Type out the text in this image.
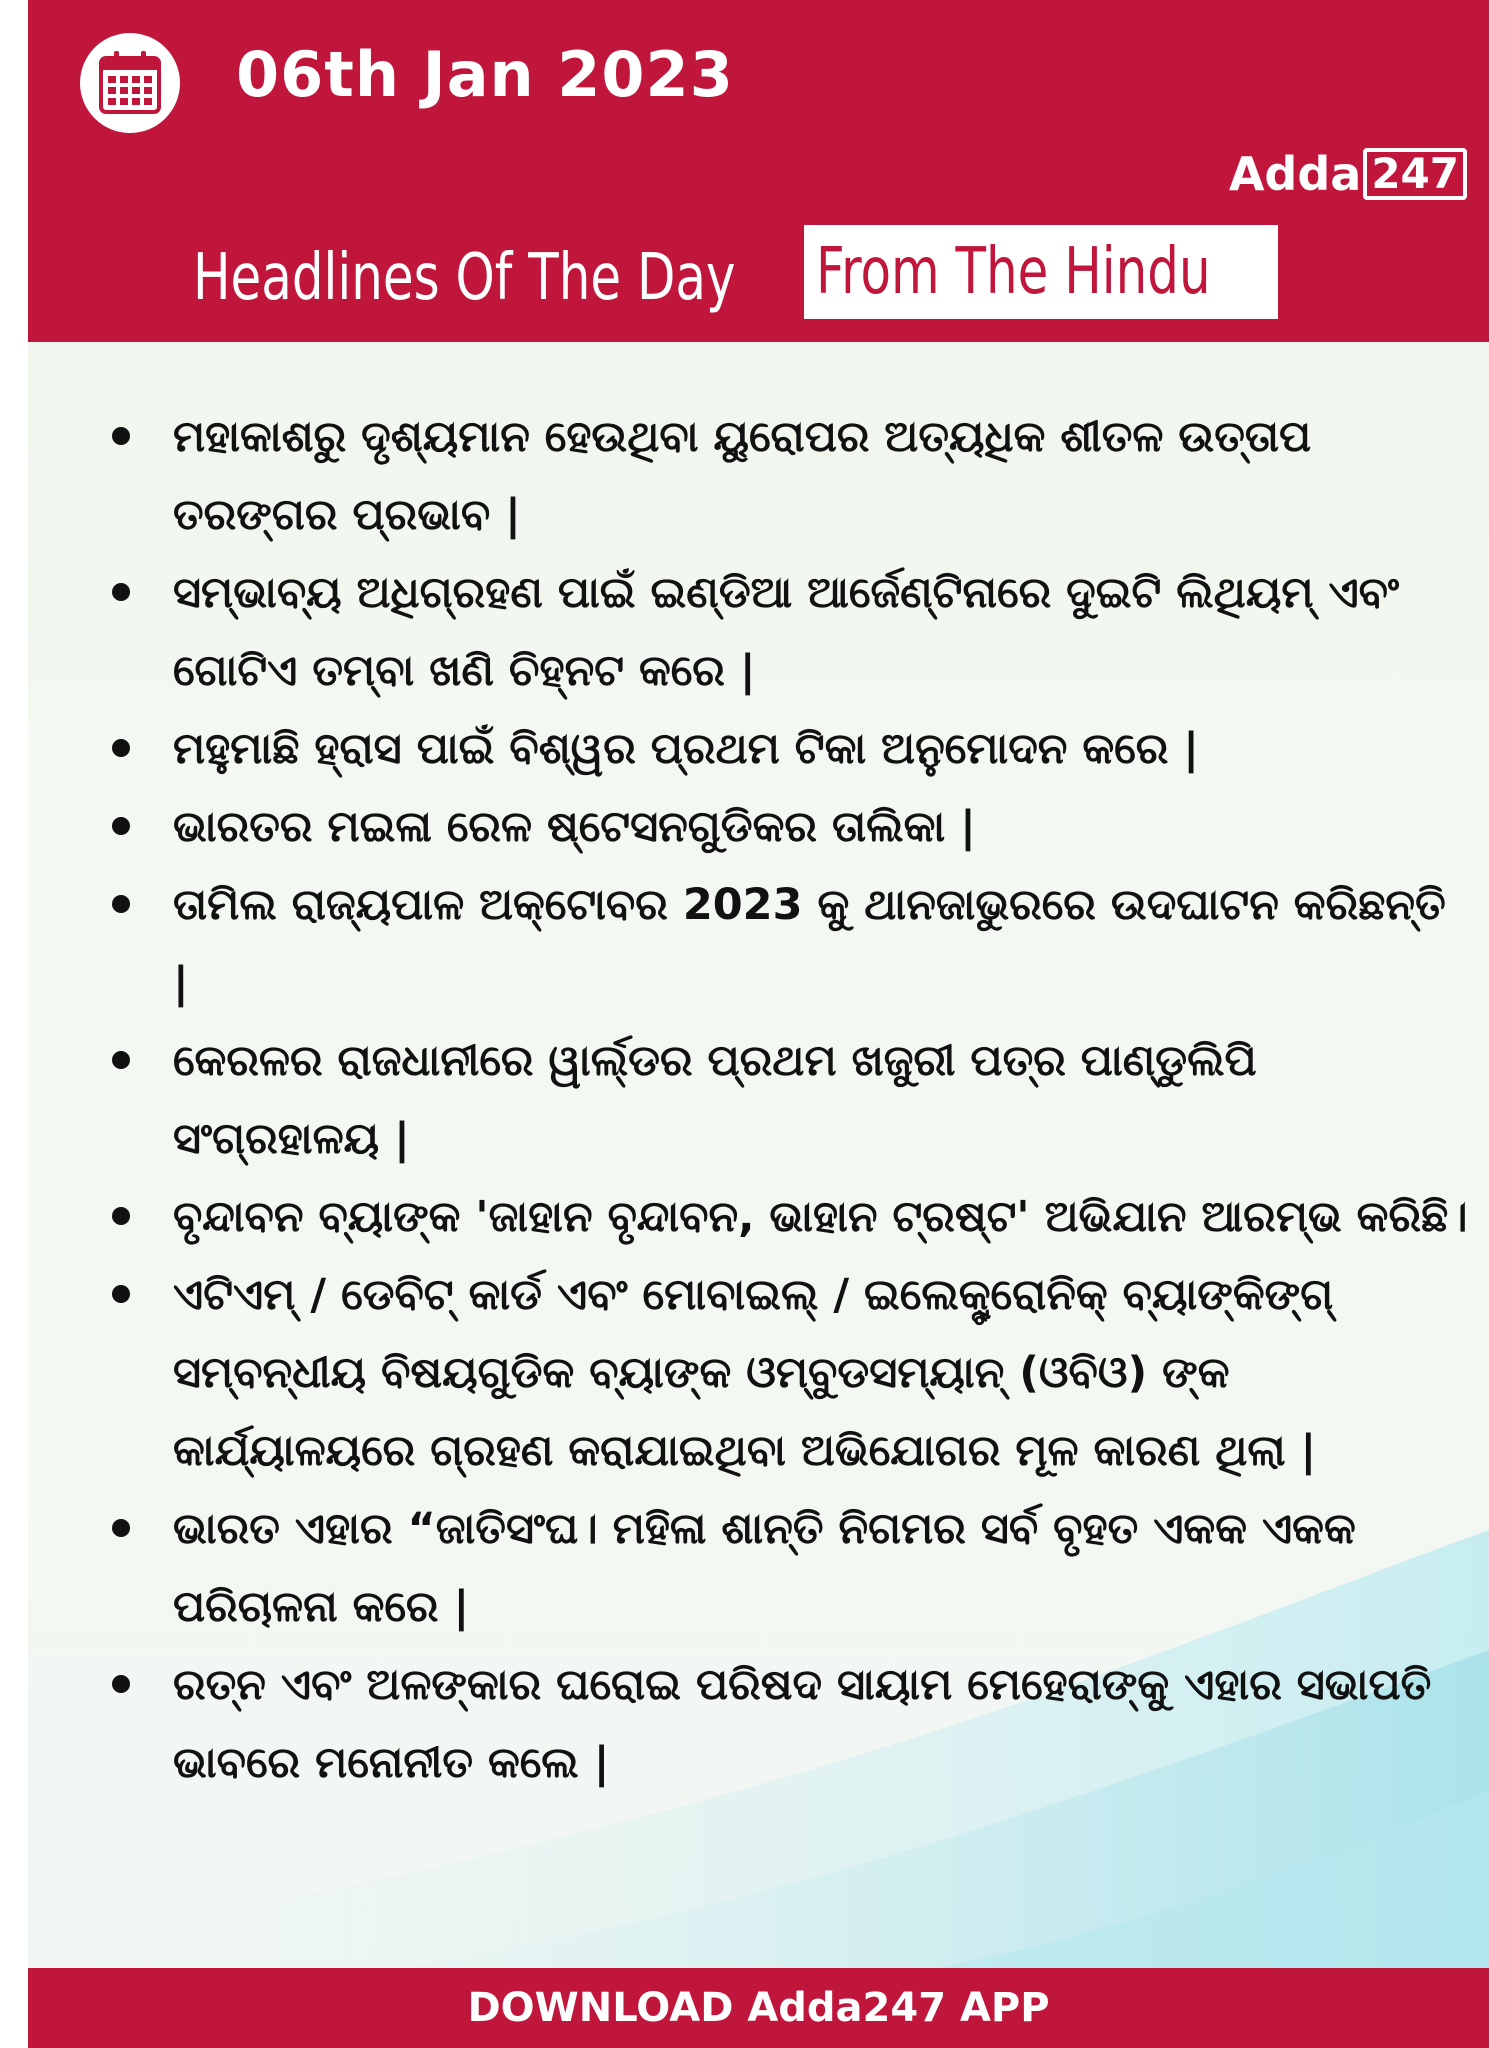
06th Jan 2023
Adda 247
Headlines Of The Day From The Hindu
ମହାକାଶରୁ ଦୃଶ୍ୟମାନ ହେଉଥିବା ୟୁରୋପର ଅତ୍ୟଧିକ ଶୀତଳ ଉତ୍ତାପ ତରଙ୍ଗର ପ୍ରଭାବ |
ସମ୍ଭାବ୍ୟ ଅଧିଗ୍ରହଣ ପାଇଁ ଇଣ୍ଡିଆ ଆର୍ଜେଣ୍ଟିନାରେ ଦୁଇଟି ଲିଥିୟମ୍ ଏବଂ ଗୋଟିଏ ତମ୍ବା ଖଣି ଚିହ୍ନଟ କରେ |
ମହୁମାଛି ହ୍ରାସ ପାଇଁ ବିଶ୍ୱର ପ୍ରଥମ ଟିକା ଅନୁମୋଦନ କରେ |
ଭାରତର ମଇଳା ରେଳ ଷ୍ଟେସନଗୁଡିକର ତାଲିକା |
ତାମିଲ ରାଜ୍ୟପାଳ ଅକ୍ଟୋବର 2023 କୁ ଥାନଜାଭୁରରେ ଉଦଘାଟନ କରିଛନ୍ତି |
କେରଳର ରାଜଧାନୀରେ ୱାର୍ଲ୍ଡର ପ୍ରଥମ ଖଜୁରୀ ପତ୍ର ପାଣ୍ଡୁଲିପି ସଂଗ୍ରହାଳୟ |
ବୃନ୍ଦାବନ ବ୍ୟାଙ୍କ 'ଜାହାନ ବୃନ୍ଦାବନ, ଭାହାନ ଟ୍ରଷ୍ଟ' ଅଭିଯାନ ଆରମ୍ଭ କରିଛି।
ଏଟିଏମ୍ / ଡେବିଟ୍ କାର୍ଡ ଏବଂ ମୋବାଇଲ୍ / ଇଲେକ୍ଟ୍ରୋନିକ୍ ବ୍ୟାଙ୍କିଙ୍ଗ୍ ସମ୍ବନ୍ଧୀୟ ବିଷୟଗୁଡିକ ବ୍ୟାଙ୍କ ଓମ୍ବୁଡସମ୍ୟାନ୍ (ଓବିଓ) ଙ୍କ କାର୍ଯ୍ୟାଳୟରେ ଗ୍ରହଣ କରାଯାଇଥିବା ଅଭିଯୋଗର ମୂଳ କାରଣ ଥିଲା |
ଭାରତ ଏହାର “ଜାତିସଂଘ। ମହିଳା ଶାନ୍ତି ନିଗମର ସର୍ବ ବୃହତ ଏକକ ଏକକ ପରିଚାଳନା କରେ |
ରତ୍ନ ଏବଂ ଅଳଙ୍କାର ଘରୋଇ ପରିଷଦ ସାୟାମ ମେହେରାଙ୍କୁ ଏହାର ସଭାପତି ଭାବରେ ମନୋନୀତ କଲେ |
DOWNLOAD Adda247 APP
